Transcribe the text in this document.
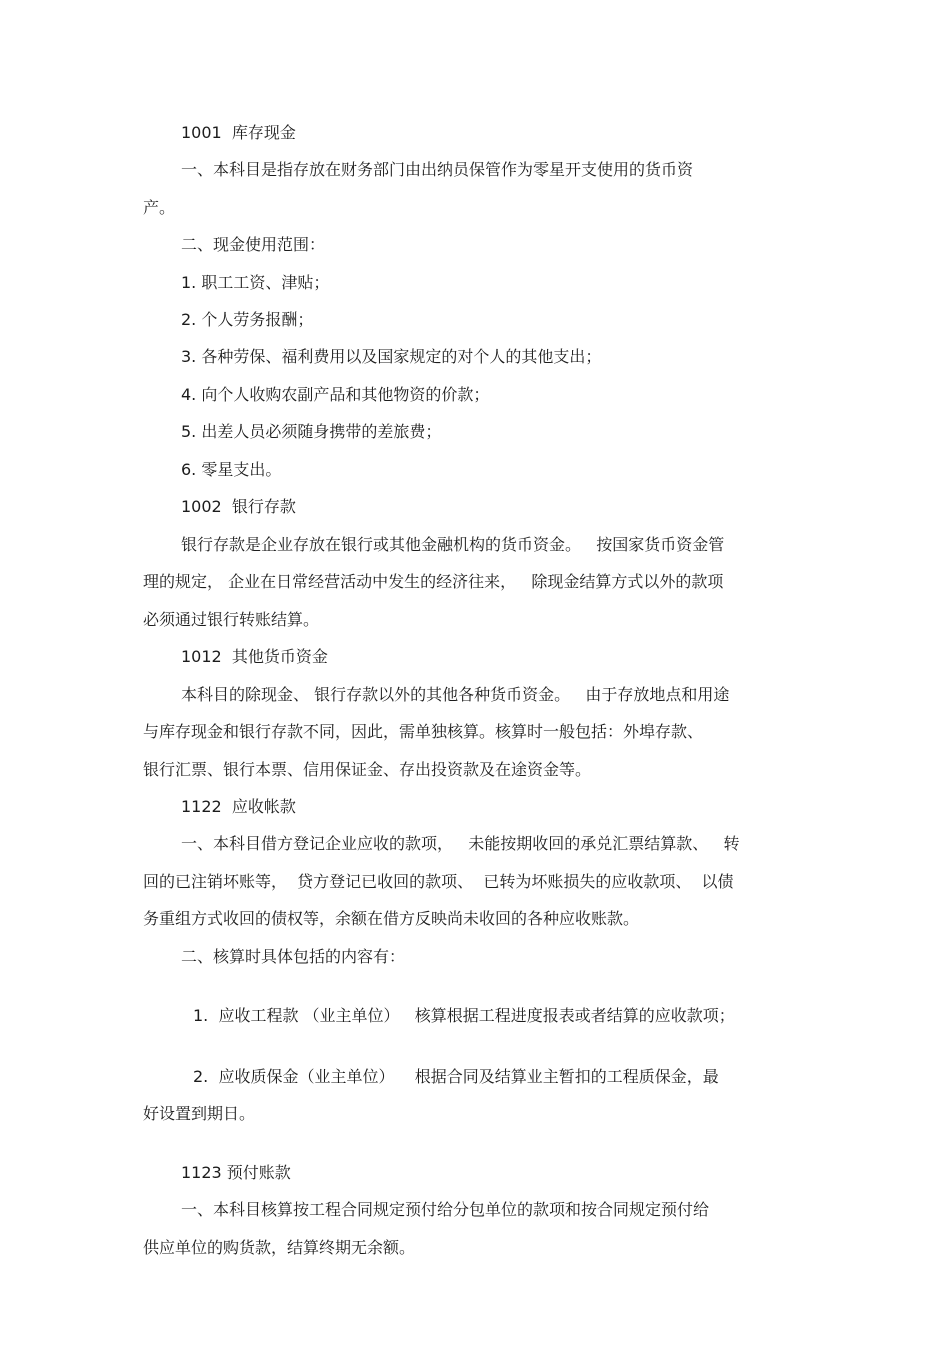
1001  库存现金
一、本科目是指存放在财务部门由出纳员保管作为零星开支使用的货币资
产。
二、现金使用范围：
1. 职工工资、津贴；
2. 个人劳务报酬；
3. 各种劳保、福利费用以及国家规定的对个人的其他支出；
4. 向个人收购农副产品和其他物资的价款；
5. 出差人员必须随身携带的差旅费；
6. 零星支出。
1002  银行存款
银行存款是企业存放在银行或其他金融机构的货币资金。   按国家货币资金管
理的规定， 企业在日常经营活动中发生的经济往来，   除现金结算方式以外的款项
必须通过银行转账结算。
1012  其他货币资金
本科目的除现金、 银行存款以外的其他各种货币资金。   由于存放地点和用途
与库存现金和银行存款不同，因此，需单独核算。核算时一般包括：外埠存款、
银行汇票、银行本票、信用保证金、存出投资款及在途资金等。
1122  应收帐款
一、本科目借方登记企业应收的款项，   未能按期收回的承兑汇票结算款、   转
回的已注销坏账等，  贷方登记已收回的款项、  已转为坏账损失的应收款项、  以债
务重组方式收回的债权等，余额在借方反映尚未收回的各种应收账款。
二、核算时具体包括的内容有：
1.  应收工程款 （业主单位）   核算根据工程进度报表或者结算的应收款项；
2.  应收质保金（业主单位）    根据合同及结算业主暂扣的工程质保金，最
好设置到期日。
1123 预付账款
一、本科目核算按工程合同规定预付给分包单位的款项和按合同规定预付给
供应单位的购货款，结算终期无余额。
